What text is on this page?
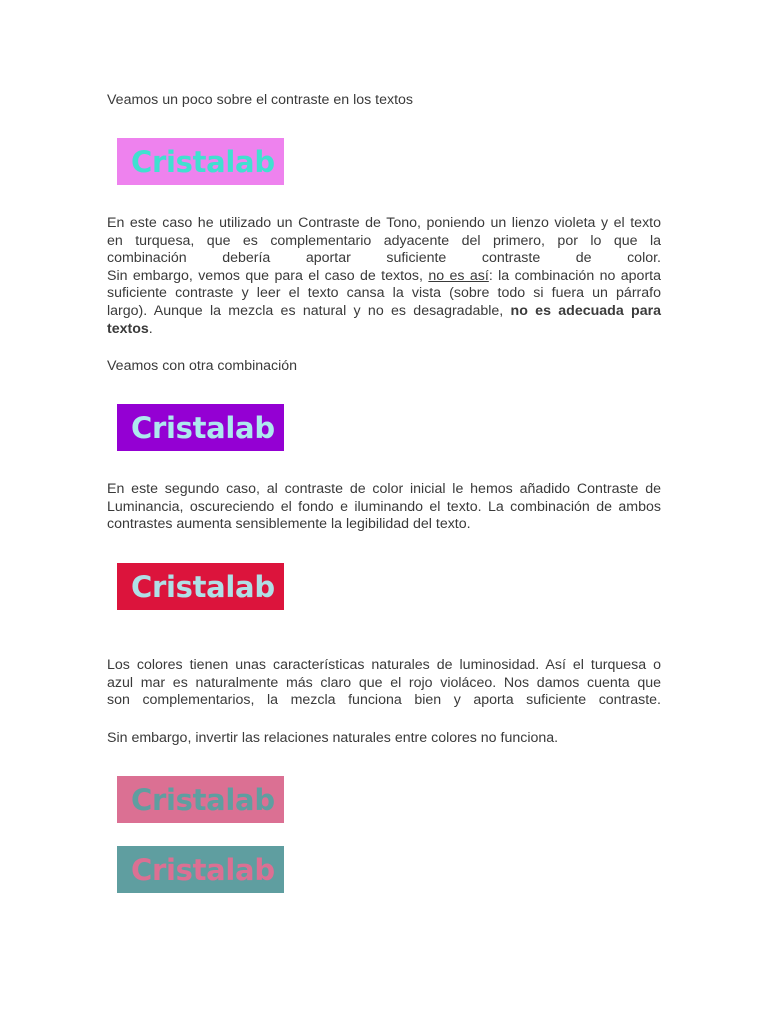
Veamos un poco sobre el contraste en los textos

Cristalab
En este caso he utilizado un Contraste de Tono, poniendo un lienzo violeta y el texto
en turquesa, que es complementario adyacente del primero, por lo que la
combinación debería aportar suficiente contraste de color.
Sin embargo, vemos que para el caso de textos, no es así: la combinación no aporta
suficiente contraste y leer el texto cansa la vista (sobre todo si fuera un párrafo
largo). Aunque la mezcla es natural y no es desagradable, no es adecuada para
textos.

Veamos con otra combinación

Cristalab
En este segundo caso, al contraste de color inicial le hemos añadido Contraste de
Luminancia, oscureciendo el fondo e iluminando el texto. La combinación de ambos
contrastes aumenta sensiblemente la legibilidad del texto.
Cristalab
Los colores tienen unas características naturales de luminosidad. Así el turquesa o
azul mar es naturalmente más claro que el rojo violáceo. Nos damos cuenta que
son complementarios, la mezcla funciona bien y aporta suficiente contraste.

Sin embargo, invertir las relaciones naturales entre colores no funciona.

Cristalab
Cristalab
